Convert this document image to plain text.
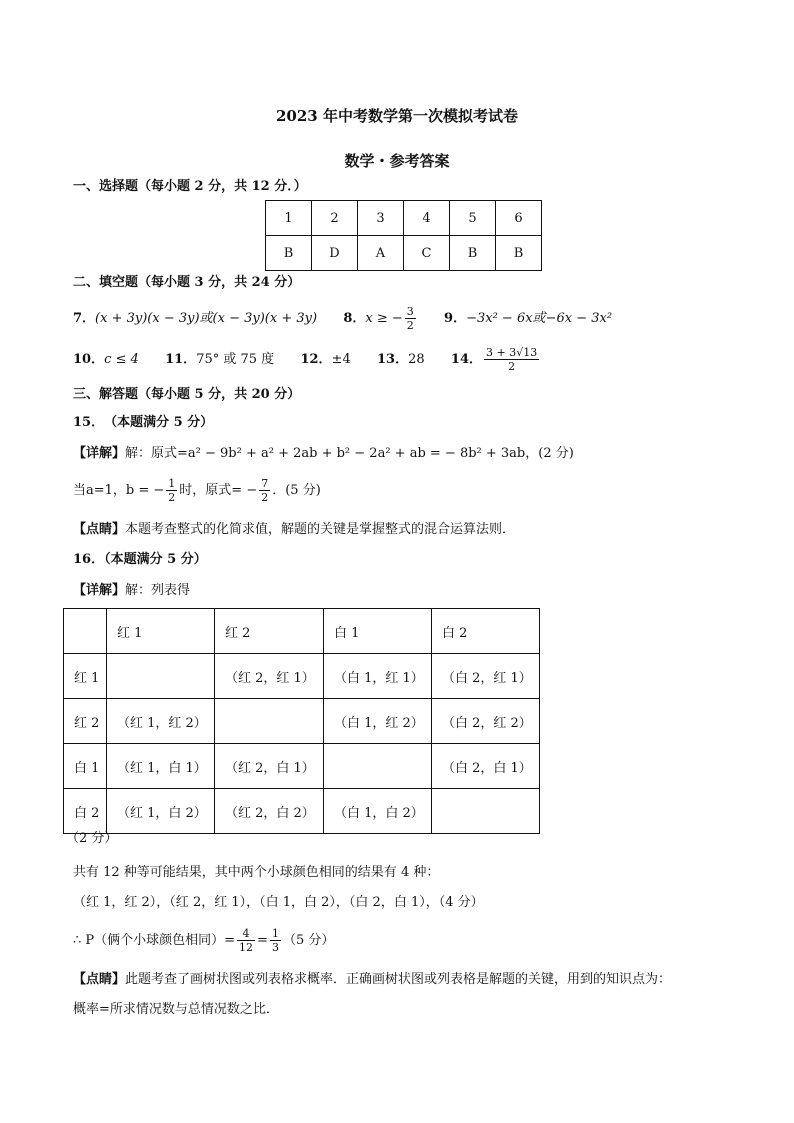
2023 年中考数学第一次模拟考试卷
数学・参考答案
一、选择题（每小题 2 分，共 12 分．）
1	2	3	4	5	6
B	D	A	C	B	B
二、填空题（每小题 3 分，共 24 分）
7．(x + 3y)(x − 3y)或(x − 3y)(x + 3y) 8．x ≥ − $\frac{3}{2} 9$．−3x² − 6x或−6x − 3x²
10．c ≤ 4 11．75° 或 75 度 12．±4 13．28 14． $\frac{3 + 3√13}{2}$
三、解答题（每小题 5 分，共 20 分）
15．　（本题满分 5 分）
【详解】解：原式=a² − 9b² + a² + 2ab + b² − 2a² + ab = − 8b² + 3ab，(2 分)
当a=1，b = − $\frac{1}{2}$ 时，原式= − $\frac{7}{2}$ ．(5 分)
【点睛】本题考查整式的化简求值，解题的关键是掌握整式的混合运算法则．
16．（本题满分 5 分）
【详解】解：列表得
	红 1	红 2	白 1	白 2
红 1		（红 2，红 1）	（白 1，红 1）	（白 2，红 1）
红 2	（红 1，红 2）		（白 1，红 2）	（白 2，红 2）
白 1	（红 1，白 1）	（红 2，白 1）		（白 2，白 1）
白 2	（红 1，白 2）	（红 2，白 2）	（白 1，白 2）	
（2 分）
共有 12 种等可能结果，其中两个小球颜色相同的结果有 4 种：
（红 1，红 2），（红 2，红 1），（白 1，白 2），（白 2，白 1），（4 分）
∴ P（俩个小球颜色相同）= $\frac{4}{12} = \frac{1}{3} (5$ 分）
【点睛】此题考查了画树状图或列表格求概率．正确画树状图或列表格是解题的关键，用到的知识点为：
概率=所求情况数与总情况数之比．
